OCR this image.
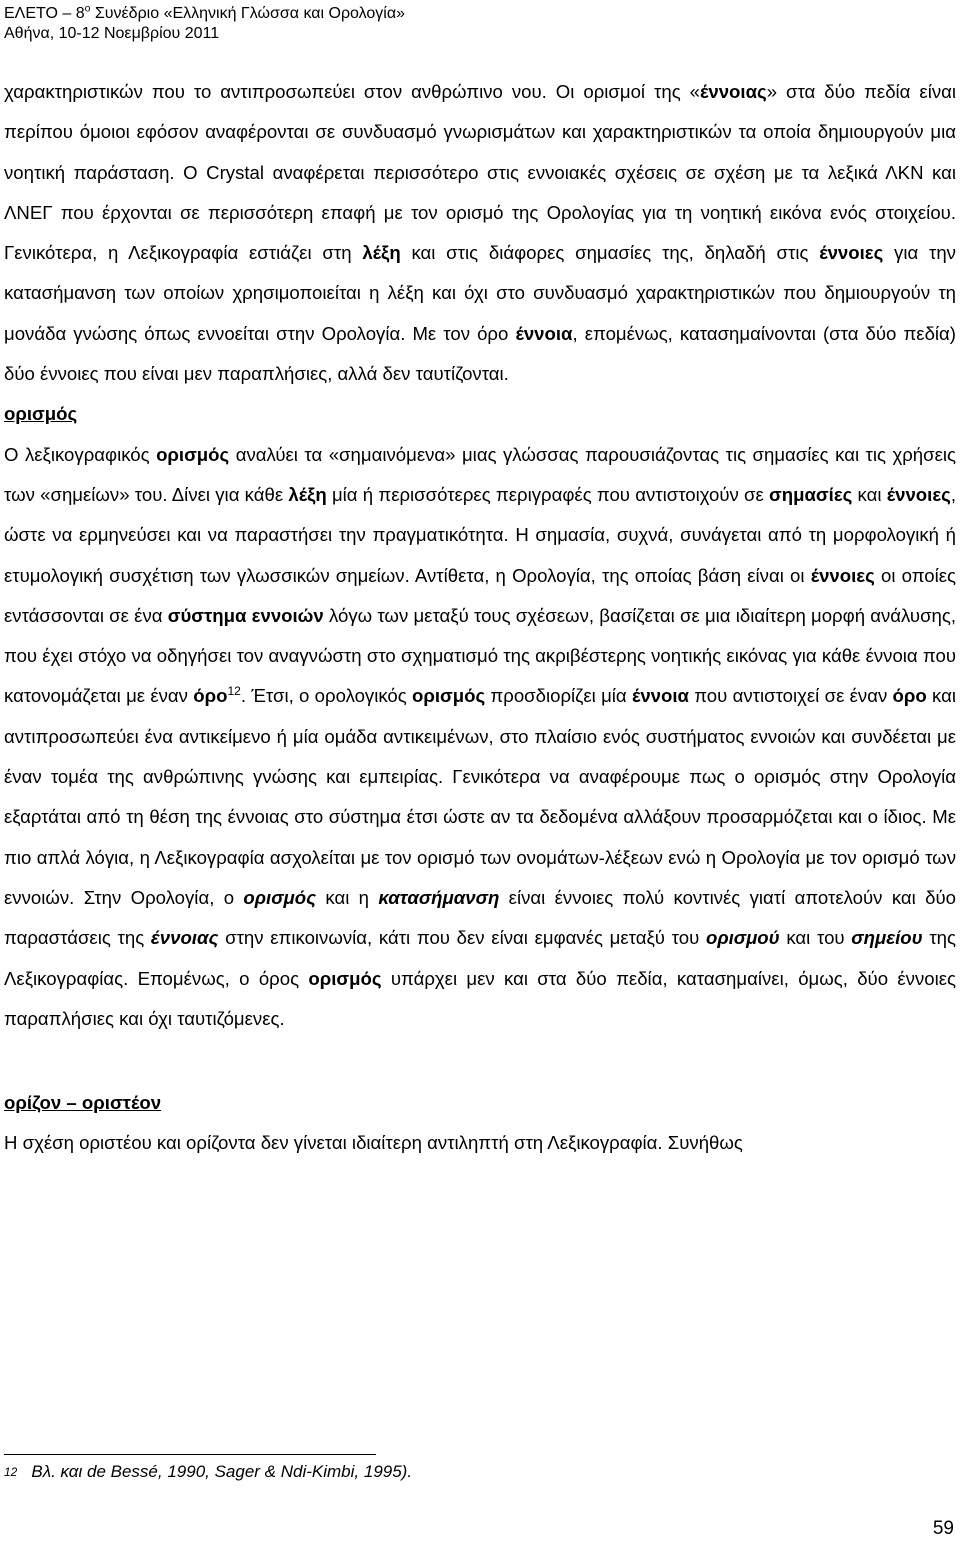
ΕΛΕΤΟ – $8^o$ Συνέδριο «Ελληνική Γλώσσα και Ορολογία»
Αθήνα, 10-12 Νοεμβρίου 2011

χαρακτηριστικών που το αντιπροσωπεύει στον ανθρώπινο νου. Οι ορισμοί της «έννοιας» στα δύο πεδία είναι περίπου όμοιοι εφόσον αναφέρονται σε συνδυασμό γνωρισμάτων και χαρακτηριστικών τα οποία δημιουργούν μια νοητική παράσταση. Ο Crystal αναφέρεται περισσότερο στις εννοιακές σχέσεις σε σχέση με τα λεξικά ΛΚΝ και ΛΝΕΓ που έρχονται σε περισσότερη επαφή με τον ορισμό της Ορολογίας για τη νοητική εικόνα ενός στοιχείου. Γενικότερα, η Λεξικογραφία εστιάζει στη λέξη και στις διάφορες σημασίες της, δηλαδή στις έννοιες για την κατασήμανση των οποίων χρησιμοποιείται η λέξη και όχι στο συνδυασμό χαρακτηριστικών που δημιουργούν τη μονάδα γνώσης όπως εννοείται στην Ορολογία. Με τον όρο έννοια, επομένως, κατασημαίνονται (στα δύο πεδία) δύο έννοιες που είναι μεν παραπλήσιες, αλλά δεν ταυτίζονται.

ορισμός

Ο λεξικογραφικός ορισμός αναλύει τα «σημαινόμενα» μιας γλώσσας παρουσιάζοντας τις σημασίες και τις χρήσεις των «σημείων» του. Δίνει για κάθε λέξη μία ή περισσότερες περιγραφές που αντιστοιχούν σε σημασίες και έννοιες, ώστε να ερμηνεύσει και να παραστήσει την πραγματικότητα. Η σημασία, συχνά, συνάγεται από τη μορφολογική ή ετυμολογική συσχέτιση των γλωσσικών σημείων. Αντίθετα, η Ορολογία, της οποίας βάση είναι οι έννοιες οι οποίες εντάσσονται σε ένα σύστημα εννοιών λόγω των μεταξύ τους σχέσεων, βασίζεται σε μια ιδιαίτερη μορφή ανάλυσης, που έχει στόχο να οδηγήσει τον αναγνώστη στο σχηματισμό της ακριβέστερης νοητικής εικόνας για κάθε έννοια που κατονομάζεται με έναν όρο$^{12}$. Έτσι, ο ορολογικός ορισμός προσδιορίζει μία έννοια που αντιστοιχεί σε έναν όρο και αντιπροσωπεύει ένα αντικείμενο ή μία ομάδα αντικειμένων, στο πλαίσιο ενός συστήματος εννοιών και συνδέεται με έναν τομέα της ανθρώπινης γνώσης και εμπειρίας. Γενικότερα να αναφέρουμε πως ο ορισμός στην Ορολογία εξαρτάται από τη θέση της έννοιας στο σύστημα έτσι ώστε αν τα δεδομένα αλλάξουν προσαρμόζεται και ο ίδιος. Με πιο απλά λόγια, η Λεξικογραφία ασχολείται με τον ορισμό των ονομάτων-λέξεων ενώ η Ορολογία με τον ορισμό των εννοιών. Στην Ορολογία, ο ορισμός και η κατασήμανση είναι έννοιες πολύ κοντινές γιατί αποτελούν και δύο παραστάσεις της έννοιας στην επικοινωνία, κάτι που δεν είναι εμφανές μεταξύ του ορισμού και του σημείου της Λεξικογραφίας. Επομένως, ο όρος ορισμός υπάρχει μεν και στα δύο πεδία, κατασημαίνει, όμως, δύο έννοιες παραπλήσιες και όχι ταυτιζόμενες.

ορίζον – οριστέον

Η σχέση οριστέου και ορίζοντα δεν γίνεται ιδιαίτερη αντιληπτή στη Λεξικογραφία. Συνήθως

$^{12}$ Βλ. και de Bessé, 1990, Sager & Ndi-Kimbi, 1995).
59
